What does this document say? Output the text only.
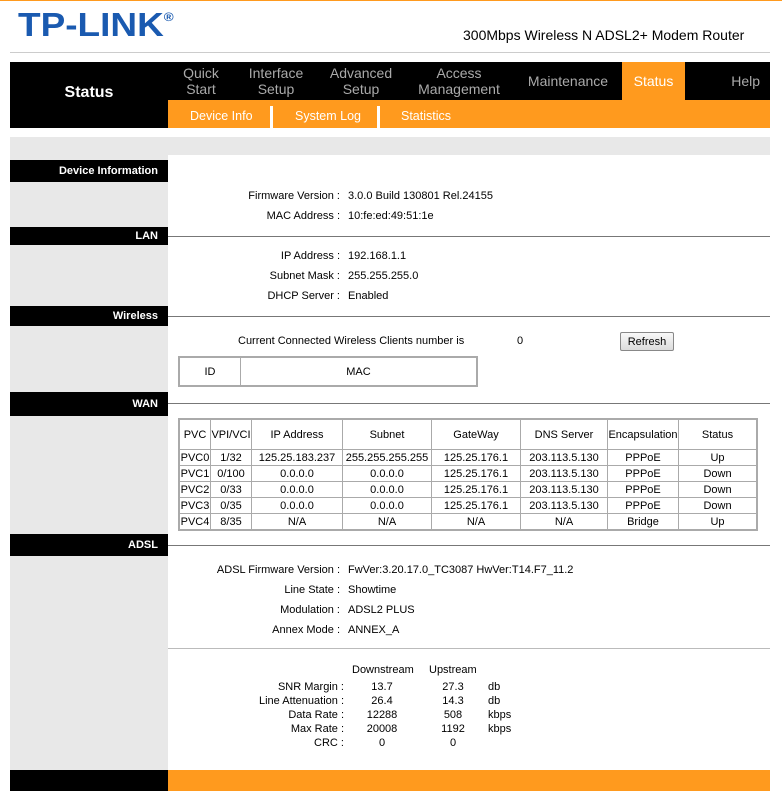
TP-LINK®
300Mbps Wireless N ADSL2+ Modem Router
Status
Quick
Start
Interface
Setup
Advanced
Setup
Access
Management Maintenance Status	Help
Device Info	System Log	Statistics
Device Information
Firmware Version : 3.0.0 Build 130801 Rel.24155
MAC Address : 10:fe:ed:49:51:1e
LAN
IP Address : 192.168.1.1
Subnet Mask : 255.255.255.0
DHCP Server : Enabled
Wireless
Current Connected Wireless Clients number is	0	Refresh
ID	MAC
WAN
PVC	VPI/VCI	IP Address	Subnet	GateWay	DNS Server	Encapsulation	Status
PVC0	1/32	125.25.183.237	255.255.255.255	125.25.176.1	203.113.5.130	PPPoE	Up
PVC1	0/100	0.0.0.0	0.0.0.0	125.25.176.1	203.113.5.130	PPPoE	Down
PVC2	0/33	0.0.0.0	0.0.0.0	125.25.176.1	203.113.5.130	PPPoE	Down
PVC3	0/35	0.0.0.0	0.0.0.0	125.25.176.1	203.113.5.130	PPPoE	Down
PVC4	8/35	N/A	N/A	N/A	N/A	Bridge	Up
ADSL
ADSL Firmware Version : FwVer:3.20.17.0_TC3087 HwVer:T14.F7_11.2
Line State : Showtime
Modulation : ADSL2 PLUS
Annex Mode : ANNEX_A
Downstream Upstream
SNR Margin :	13.7	27.3	db
Line Attenuation :	26.4	14.3	db
Data Rate :	12288	508	kbps
Max Rate :	20008	1192	kbps
CRC :	0	0
